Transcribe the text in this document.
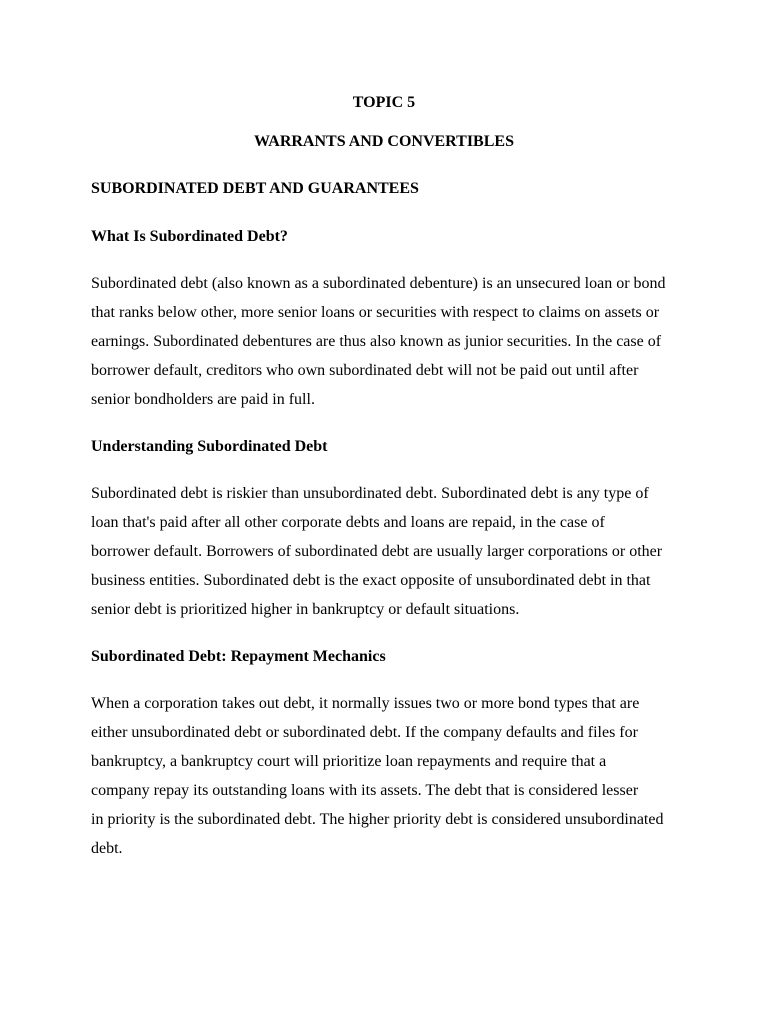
TOPIC 5
WARRANTS AND CONVERTIBLES
SUBORDINATED DEBT AND GUARANTEES
What Is Subordinated Debt?

Subordinated debt (also known as a subordinated debenture) is an unsecured loan or bond
that ranks below other, more senior loans or securities with respect to claims on assets or
earnings. Subordinated debentures are thus also known as junior securities. In the case of
borrower default, creditors who own subordinated debt will not be paid out until after
senior bondholders are paid in full.

Understanding Subordinated Debt

Subordinated debt is riskier than unsubordinated debt. Subordinated debt is any type of
loan that's paid after all other corporate debts and loans are repaid, in the case of
borrower default. Borrowers of subordinated debt are usually larger corporations or other
business entities. Subordinated debt is the exact opposite of unsubordinated debt in that
senior debt is prioritized higher in bankruptcy or default situations.

Subordinated Debt: Repayment Mechanics

When a corporation takes out debt, it normally issues two or more bond types that are
either unsubordinated debt or subordinated debt. If the company defaults and files for
bankruptcy, a bankruptcy court will prioritize loan repayments and require that a
company repay its outstanding loans with its assets. The debt that is considered lesser
in priority is the subordinated debt. The higher priority debt is considered unsubordinated
debt.
